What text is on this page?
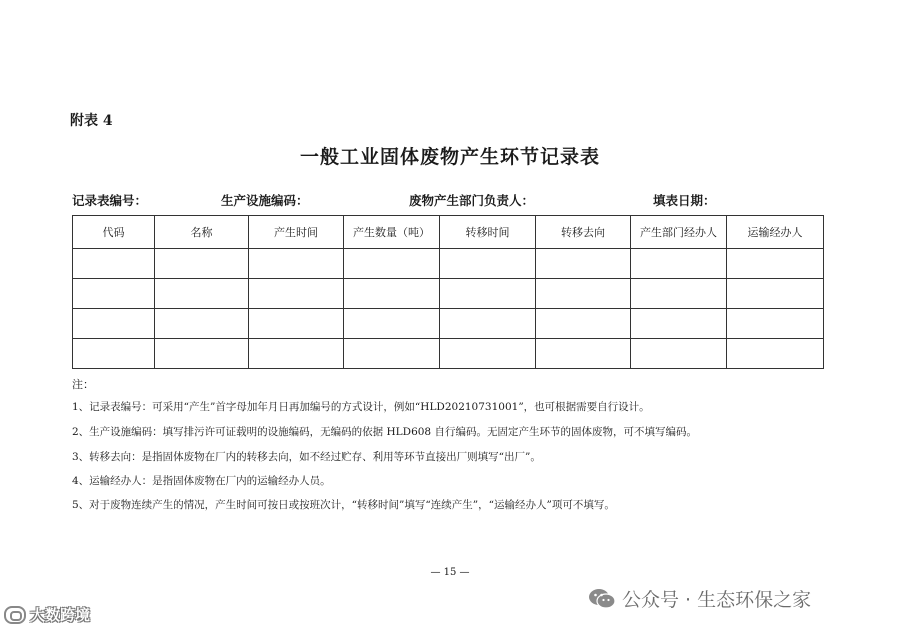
附表 4
一般工业固体废物产生环节记录表
记录表编号：	生产设施编码：	废物产生部门负责人：	填表日期：
代码	名称	产生时间	产生数量（吨）	转移时间	转移去向	产生部门经办人	运输经办人

注：
1、记录表编号：可采用“产生”首字母加年月日再加编号的方式设计，例如“HLD20210731001”，也可根据需要自行设计。
2、生产设施编码：填写排污许可证载明的设施编码，无编码的依据 HLD608 自行编码。无固定产生环节的固体废物，可不填写编码。
3、转移去向：是指固体废物在厂内的转移去向，如不经过贮存、利用等环节直接出厂则填写“出厂”。
4、运输经办人：是指固体废物在厂内的运输经办人员。
5、对于废物连续产生的情况，产生时间可按日或按班次计，“转移时间”填写“连续产生”，“运输经办人”项可不填写。
— 15 —
大数跨境
公众号 · 生态环保之家
